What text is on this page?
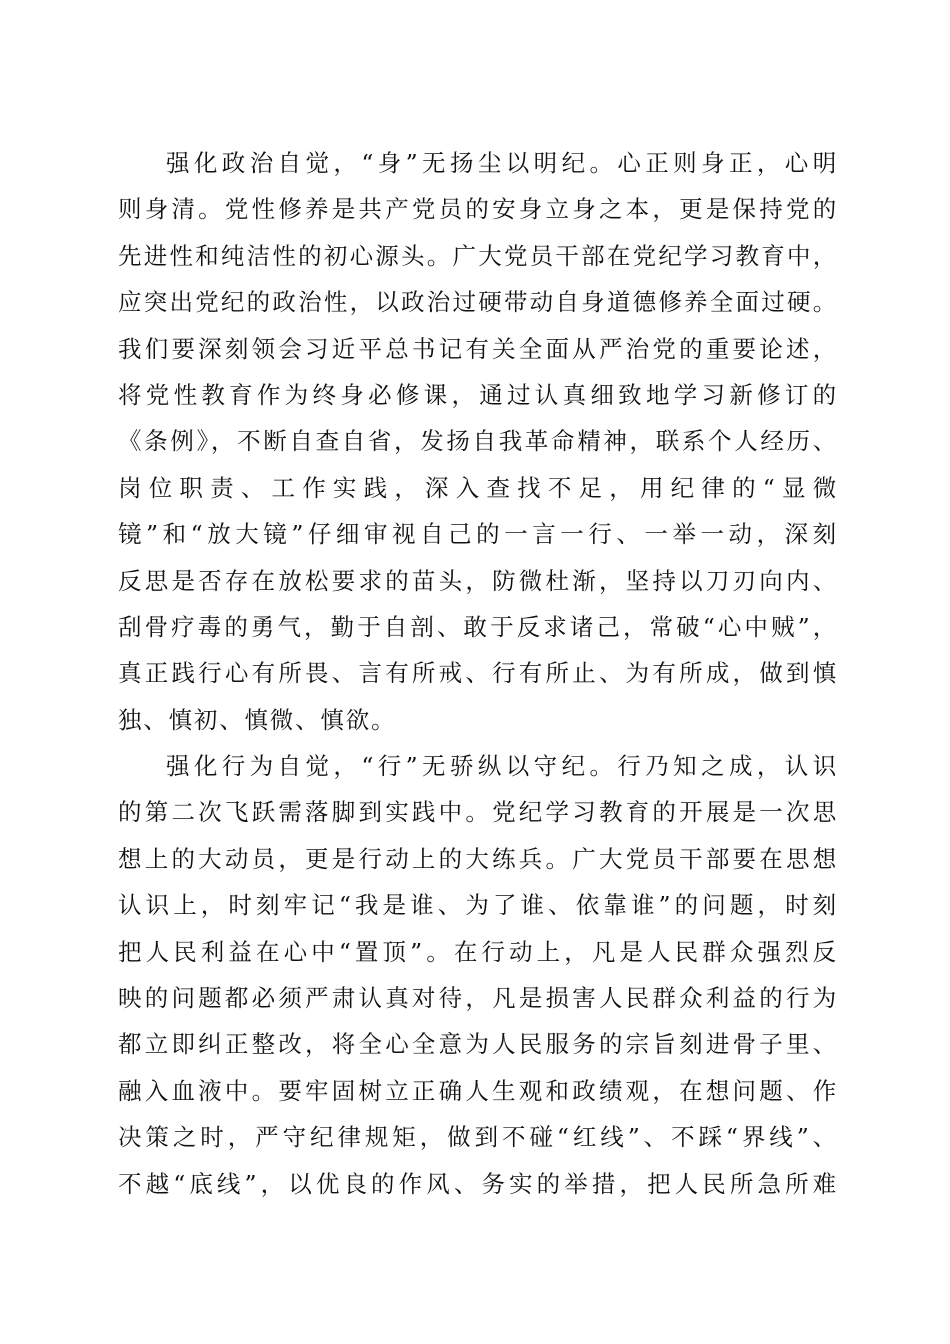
强化政治自觉，“身”无扬尘以明纪。心正则身正，心明
则身清。党性修养是共产党员的安身立身之本，更是保持党的
先进性和纯洁性的初心源头。广大党员干部在党纪学习教育中，
应突出党纪的政治性，以政治过硬带动自身道德修养全面过硬。
我们要深刻领会习近平总书记有关全面从严治党的重要论述，
将党性教育作为终身必修课，通过认真细致地学习新修订的
《条例》，不断自查自省，发扬自我革命精神，联系个人经历、
岗位职责、工作实践，深入查找不足，用纪律的“显微
镜”和“放大镜”仔细审视自己的一言一行、一举一动，深刻
反思是否存在放松要求的苗头，防微杜渐，坚持以刀刃向内、
刮骨疗毒的勇气，勤于自剖、敢于反求诸己，常破“心中贼”，
真正践行心有所畏、言有所戒、行有所止、为有所成，做到慎
独、慎初、慎微、慎欲。
强化行为自觉，“行”无骄纵以守纪。行乃知之成，认识
的第二次飞跃需落脚到实践中。党纪学习教育的开展是一次思
想上的大动员，更是行动上的大练兵。广大党员干部要在思想
认识上，时刻牢记“我是谁、为了谁、依靠谁”的问题，时刻
把人民利益在心中“置顶”。在行动上，凡是人民群众强烈反
映的问题都必须严肃认真对待，凡是损害人民群众利益的行为
都立即纠正整改，将全心全意为人民服务的宗旨刻进骨子里、
融入血液中。要牢固树立正确人生观和政绩观，在想问题、作
决策之时，严守纪律规矩，做到不碰“红线”、不踩“界线”、
不越“底线”，以优良的作风、务实的举措，把人民所急所难
